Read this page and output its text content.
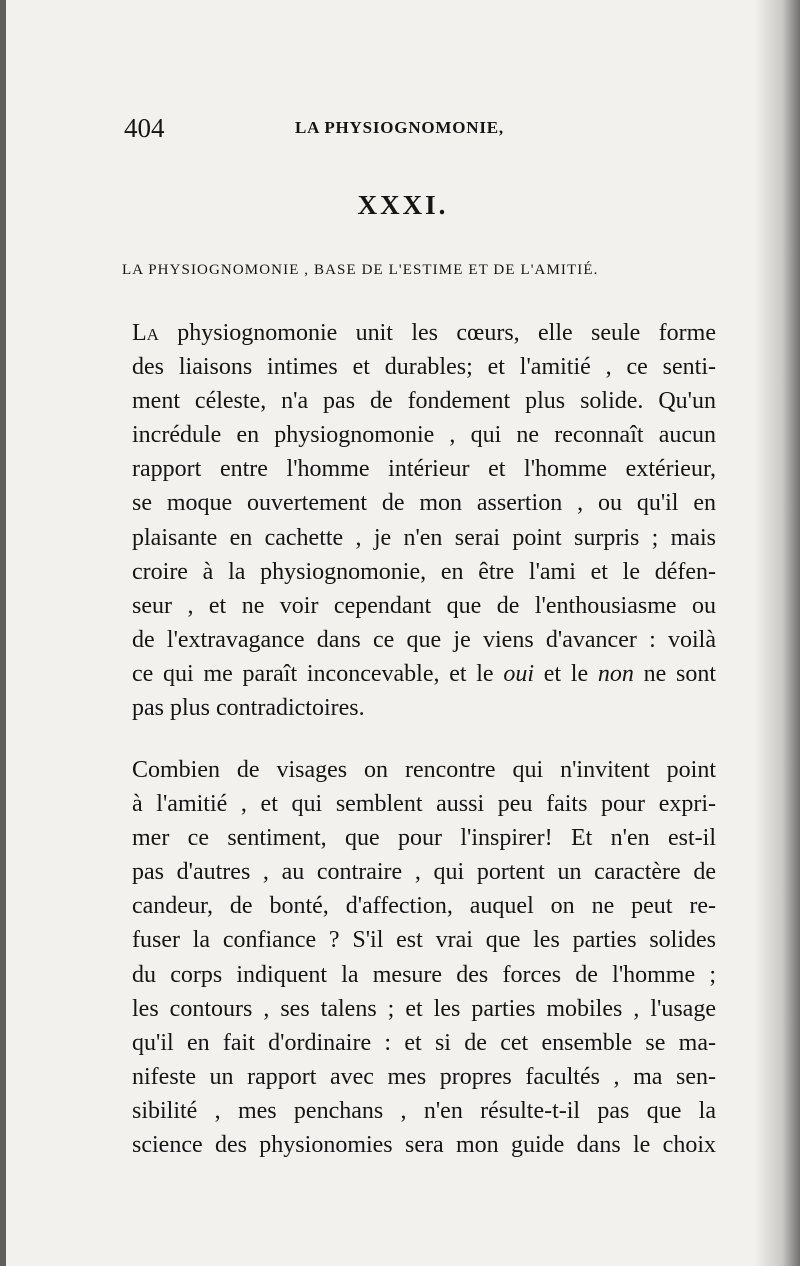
404	LA PHYSIOGNOMONIE,
XXXI.
LA PHYSIOGNOMONIE , BASE DE L'ESTIME ET DE L'AMITIÉ.
La physiognomonie unit les cœurs, elle seule forme
des liaisons intimes et durables; et l'amitié , ce senti-
ment céleste, n'a pas de fondement plus solide. Qu'un
incrédule en physiognomonie , qui ne reconnaît aucun
rapport entre l'homme intérieur et l'homme extérieur,
se moque ouvertement de mon assertion , ou qu'il en
plaisante en cachette , je n'en serai point surpris ; mais
croire à la physiognomonie, en être l'ami et le défen-
seur , et ne voir cependant que de l'enthousiasme ou
de l'extravagance dans ce que je viens d'avancer : voilà
ce qui me paraît inconcevable, et le oui et le non ne sont
pas plus contradictoires.
Combien de visages on rencontre qui n'invitent point
à l'amitié , et qui semblent aussi peu faits pour expri-
mer ce sentiment, que pour l'inspirer! Et n'en est-il
pas d'autres , au contraire , qui portent un caractère de
candeur, de bonté, d'affection, auquel on ne peut re-
fuser la confiance ? S'il est vrai que les parties solides
du corps indiquent la mesure des forces de l'homme ;
les contours , ses talens ; et les parties mobiles , l'usage
qu'il en fait d'ordinaire : et si de cet ensemble se ma-
nifeste un rapport avec mes propres facultés , ma sen-
sibilité , mes penchans , n'en résulte-t-il pas que la
science des physionomies sera mon guide dans le choix
